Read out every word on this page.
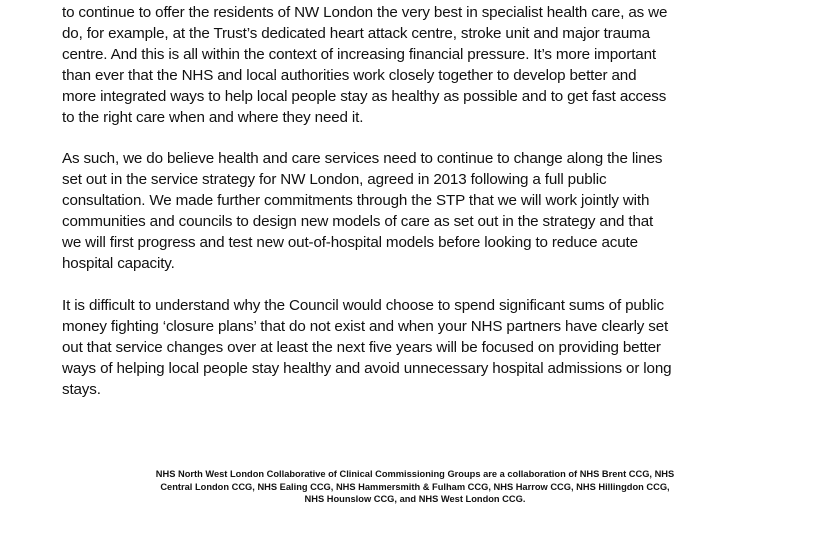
to continue to offer the residents of NW London the very best in specialist health care, as we
do, for example, at the Trust’s dedicated heart attack centre, stroke unit and major trauma
centre. And this is all within the context of increasing financial pressure. It’s more important
than ever that the NHS and local authorities work closely together to develop better and
more integrated ways to help local people stay as healthy as possible and to get fast access
to the right care when and where they need it.
As such, we do believe health and care services need to continue to change along the lines
set out in the service strategy for NW London, agreed in 2013 following a full public
consultation. We made further commitments through the STP that we will work jointly with
communities and councils to design new models of care as set out in the strategy and that
we will first progress and test new out-of-hospital models before looking to reduce acute
hospital capacity.
It is difficult to understand why the Council would choose to spend significant sums of public
money fighting ‘closure plans’ that do not exist and when your NHS partners have clearly set
out that service changes over at least the next five years will be focused on providing better
ways of helping local people stay healthy and avoid unnecessary hospital admissions or long
stays.
NHS North West London Collaborative of Clinical Commissioning Groups are a collaboration of NHS Brent CCG, NHS
Central London CCG, NHS Ealing CCG, NHS Hammersmith & Fulham CCG, NHS Harrow CCG, NHS Hillingdon CCG,
NHS Hounslow CCG, and NHS West London CCG.
